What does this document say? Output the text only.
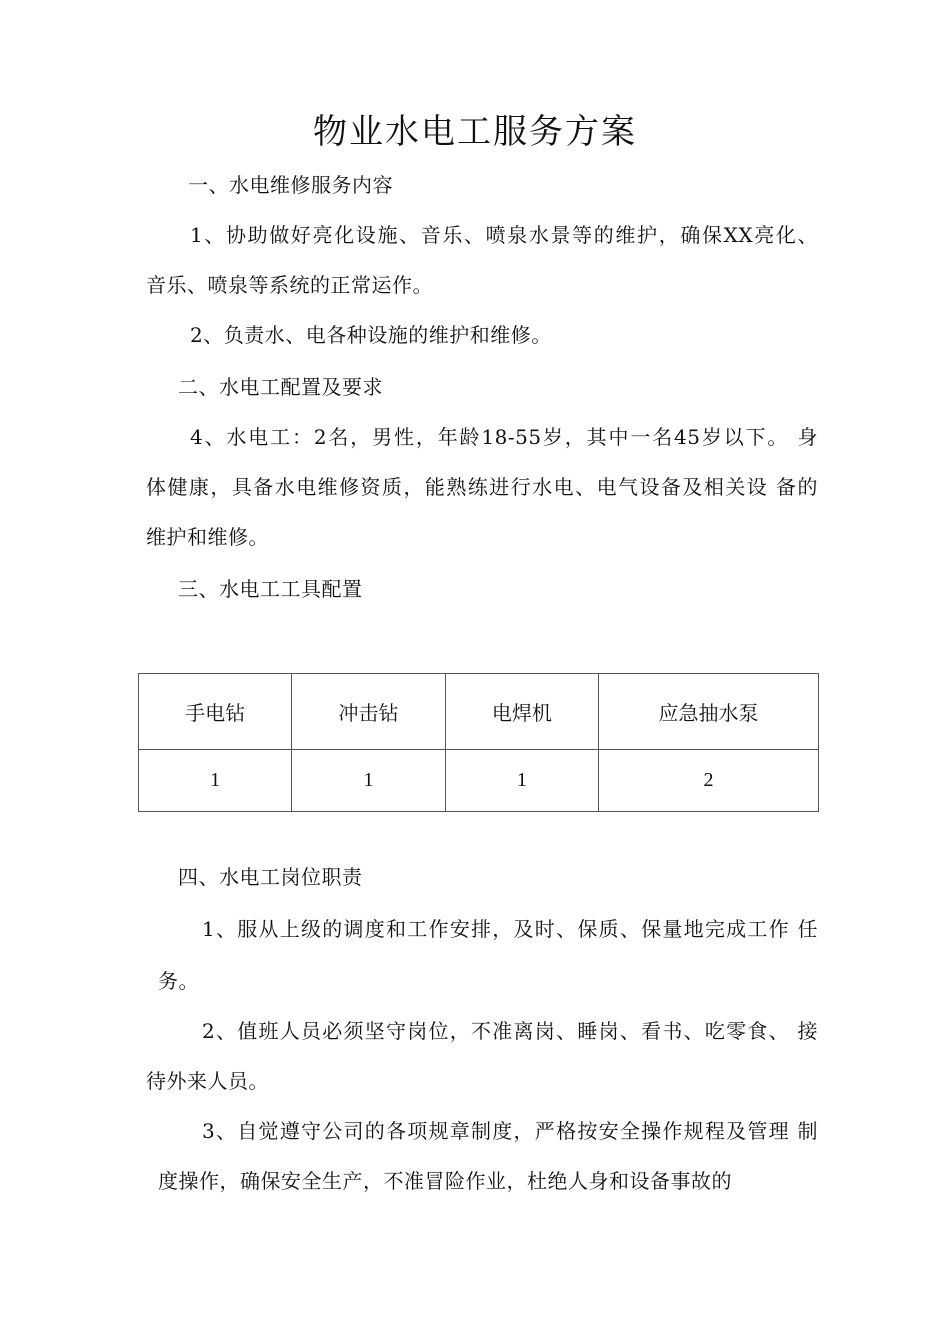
物业水电工服务方案
一、水电维修服务内容
1、协助做好亮化设施、音乐、喷泉水景等的维护，确保XX亮化、
音乐、喷泉等系统的正常运作。
2、负责水、电各种设施的维护和维修。
二、水电工配置及要求
4、水电工：2名，男性，年龄18-55岁，其中一名45岁以下。 身
体健康，具备水电维修资质，能熟练进行水电、电气设备及相关设 备的
维护和维修。
三、水电工工具配置
手电钻	冲击钻	电焊机	应急抽水泵
1	1	1	2
四、水电工岗位职责
1、服从上级的调度和工作安排，及时、保质、保量地完成工作 任
务。
2、值班人员必须坚守岗位，不准离岗、睡岗、看书、吃零食、 接
待外来人员。
3、自觉遵守公司的各项规章制度，严格按安全操作规程及管理 制
度操作，确保安全生产，不准冒险作业，杜绝人身和设备事故的
